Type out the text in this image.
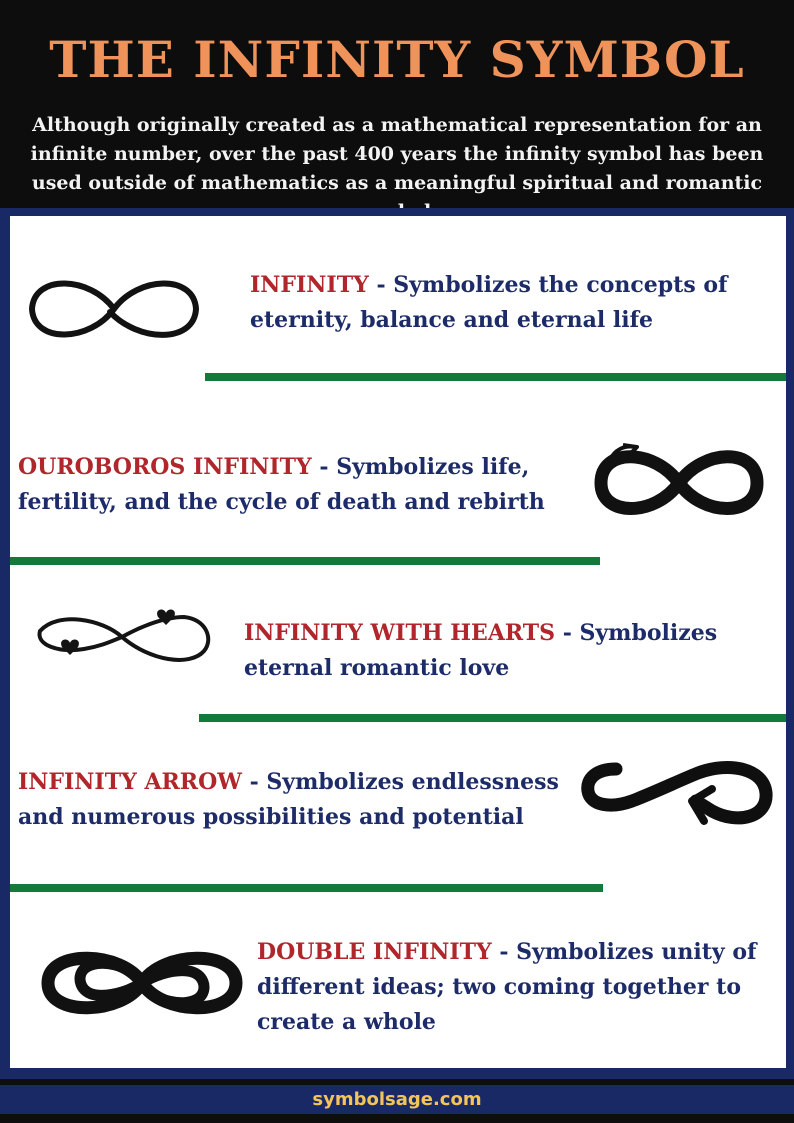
THE INFINITY SYMBOL
Although originally created as a mathematical representation for an infinite number, over the past 400 years the infinity symbol has been used outside of mathematics as a meaningful spiritual and romantic
INFINITY - Symbolizes the concepts of eternity, balance and eternal life
OUROBOROS INFINITY - Symbolizes life, fertility, and the cycle of death and rebirth
INFINITY WITH HEARTS - Symbolizes eternal romantic love
INFINITY ARROW - Symbolizes endlessness and numerous possibilities and potential
DOUBLE INFINITY - Symbolizes unity of different ideas; two coming together to create a whole
symbolsage.com
